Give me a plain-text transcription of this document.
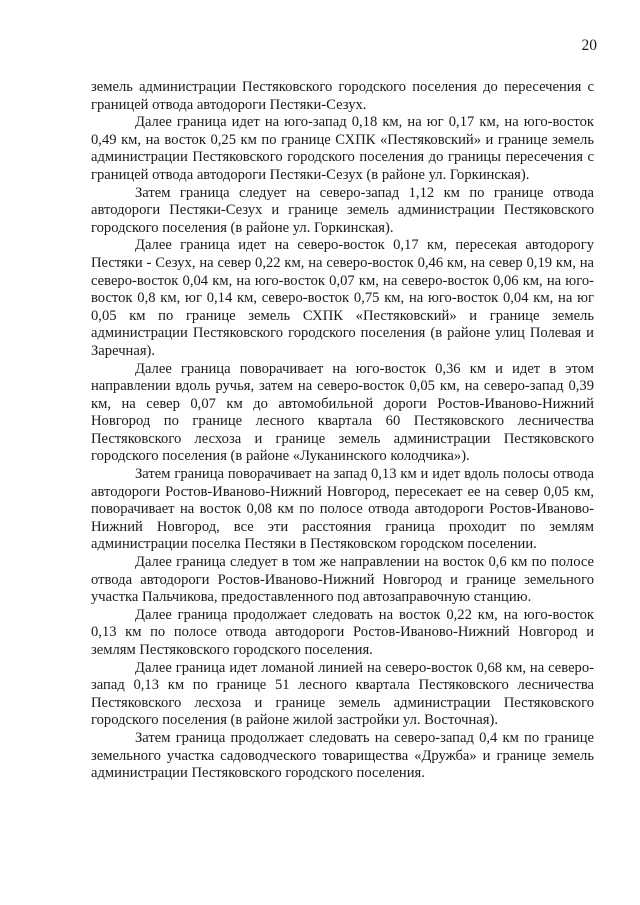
20

земель администрации Пестяковского городского поселения до пересечения с границей отвода автодороги Пестяки-Сезух.

Далее граница идет на юго-запад 0,18 км, на юг 0,17 км, на юго-восток 0,49 км, на восток 0,25 км по границе СХПК «Пестяковский» и границе земель администрации Пестяковского городского поселения до границы пересечения с границей отвода автодороги Пестяки-Сезух (в районе ул. Горкинская).

Затем граница следует на северо-запад 1,12 км по границе отвода автодороги Пестяки-Сезух и границе земель администрации Пестяковского городского поселения (в районе ул. Горкинская).

Далее граница идет на северо-восток 0,17 км, пересекая автодорогу Пестяки - Сезух, на север 0,22 км, на северо-восток 0,46 км, на север 0,19 км, на северо-восток 0,04 км, на юго-восток 0,07 км, на северо-восток 0,06 км, на юго-восток 0,8 км, юг 0,14 км, северо-восток 0,75 км, на юго-восток 0,04 км, на юг 0,05 км по границе земель СХПК «Пестяковский» и границе земель администрации Пестяковского городского поселения (в районе улиц Полевая и Заречная).

Далее граница поворачивает на юго-восток 0,36 км и идет в этом направлении вдоль ручья, затем на северо-восток 0,05 км, на северо-запад 0,39 км, на север 0,07 км до автомобильной дороги Ростов-Иваново-Нижний Новгород по границе лесного квартала 60 Пестяковского лесничества Пестяковского лесхоза и границе земель администрации Пестяковского городского поселения (в районе «Луканинского колодчика»).

Затем граница поворачивает на запад 0,13 км и идет вдоль полосы отвода автодороги Ростов-Иваново-Нижний Новгород, пересекает ее на север 0,05 км, поворачивает на восток 0,08 км по полосе отвода автодороги Ростов-Иваново-Нижний Новгород, все эти расстояния граница проходит по землям администрации поселка Пестяки в Пестяковском городском поселении.

Далее граница следует в том же направлении на восток 0,6 км по полосе отвода автодороги Ростов-Иваново-Нижний Новгород и границе земельного участка Пальчикова, предоставленного под автозаправочную станцию.

Далее граница продолжает следовать на восток 0,22 км, на юго-восток 0,13 км по полосе отвода автодороги Ростов-Иваново-Нижний Новгород и землям Пестяковского городского поселения.

Далее граница идет ломаной линией на северо-восток 0,68 км, на северо-запад 0,13 км по границе 51 лесного квартала Пестяковского лесничества Пестяковского лесхоза и границе земель администрации Пестяковского городского поселения (в районе жилой застройки ул. Восточная).

Затем граница продолжает следовать на северо-запад 0,4 км по границе земельного участка садоводческого товарищества «Дружба» и границе земель администрации Пестяковского городского поселения.
